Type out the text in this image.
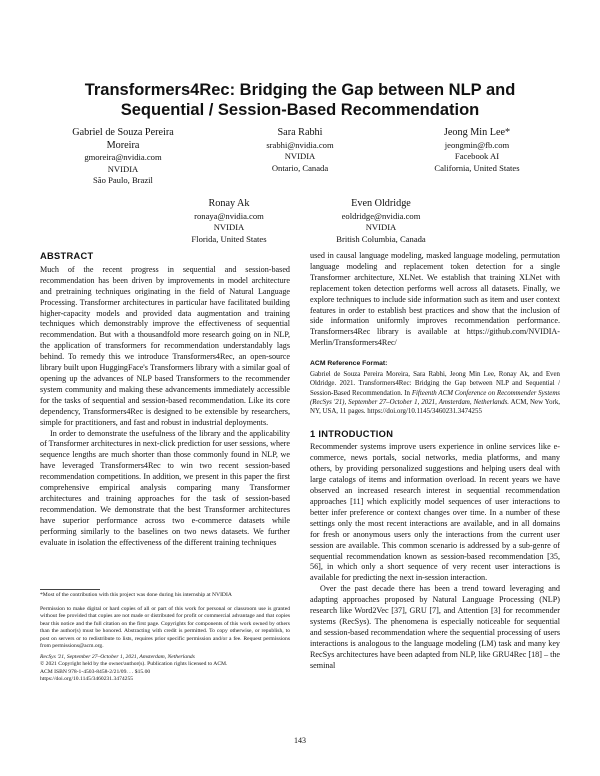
Transformers4Rec: Bridging the Gap between NLP and
Sequential / Session-Based Recommendation
Gabriel de Souza Pereira
Moreira
gmoreira@nvidia.com
NVIDIA
São Paulo, Brazil
Sara Rabhi
srabhi@nvidia.com
NVIDIA
Ontario, Canada
Jeong Min Lee*
jeongmin@fb.com
Facebook AI
California, United States
Ronay Ak
ronaya@nvidia.com
NVIDIA
Florida, United States
Even Oldridge
eoldridge@nvidia.com
NVIDIA
British Columbia, Canada
ABSTRACT

Much of the recent progress in sequential and session-based recommendation has been driven by improvements in model architecture and pretraining techniques originating in the field of Natural Language Processing. Transformer architectures in particular have facilitated building higher-capacity models and provided data augmentation and training techniques which demonstrably improve the effectiveness of sequential recommendation. But with a thousandfold more research going on in NLP, the application of transformers for recommendation understandably lags behind. To remedy this we introduce Transformers4Rec, an open-source library built upon HuggingFace's Transformers library with a similar goal of opening up the advances of NLP based Transformers to the recommender system community and making these advancements immediately accessible for the tasks of sequential and session-based recommendation. Like its core dependency, Transformers4Rec is designed to be extensible by researchers, simple for practitioners, and fast and robust in industrial deployments.

In order to demonstrate the usefulness of the library and the applicability of Transformer architectures in next-click prediction for user sessions, where sequence lengths are much shorter than those commonly found in NLP, we have leveraged Transformers4Rec to win two recent session-based recommendation competitions. In addition, we present in this paper the first comprehensive empirical analysis comparing many Transformer architectures and training approaches for the task of session-based recommendation. We demonstrate that the best Transformer architectures have superior performance across two e-commerce datasets while performing similarly to the baselines on two news datasets. We further evaluate in isolation the effectiveness of the different training techniques

*Most of the contribution with this project was done during his internship at NVIDIA

Permission to make digital or hard copies of all or part of this work for personal or classroom use is granted without fee provided that copies are not made or distributed for profit or commercial advantage and that copies bear this notice and the full citation on the first page. Copyrights for components of this work owned by others than the author(s) must be honored. Abstracting with credit is permitted. To copy otherwise, or republish, to post on servers or to redistribute to lists, requires prior specific permission and/or a fee. Request permissions from permissions@acm.org.

RecSys '21, September 27–October 1, 2021, Amsterdam, Netherlands

© 2021 Copyright held by the owner/author(s). Publication rights licensed to ACM.

ACM ISBN 978-1-4503-8458-2/21/09. . . $15.00

https://doi.org/10.1145/3460231.3474255

used in causal language modeling, masked language modeling, permutation language modeling and replacement token detection for a single Transformer architecture, XLNet. We establish that training XLNet with replacement token detection performs well across all datasets. Finally, we explore techniques to include side information such as item and user context features in order to establish best practices and show that the inclusion of side information uniformly improves recommendation performance. Transformers4Rec library is available at https://github.com/NVIDIA-Merlin/Transformers4Rec/

ACM Reference Format:

Gabriel de Souza Pereira Moreira, Sara Rabhi, Jeong Min Lee, Ronay Ak, and Even Oldridge. 2021. Transformers4Rec: Bridging the Gap between NLP and Sequential / Session-Based Recommendation. In Fifteenth ACM Conference on Recommender Systems (RecSys '21), September 27–October 1, 2021, Amsterdam, Netherlands. ACM, New York, NY, USA, 11 pages. https://doi.org/10.1145/3460231.3474255

1 INTRODUCTION

Recommender systems improve users experience in online services like e-commerce, news portals, social networks, media platforms, and many others, by providing personalized suggestions and helping users deal with large catalogs of items and information overload. In recent years we have observed an increased research interest in sequential recommendation approaches [11] which explicitly model sequences of user interactions to better infer preference or context changes over time. In a number of these settings only the most recent interactions are available, and in all domains for fresh or anonymous users only the interactions from the current user session are available. This common scenario is addressed by a sub-genre of sequential recommendation known as session-based recommendation [35, 56], in which only a short sequence of very recent user interactions is available for predicting the next in-session interaction.

Over the past decade there has been a trend toward leveraging and adapting approaches proposed by Natural Language Processing (NLP) research like Word2Vec [37], GRU [7], and Attention [3] for recommender systems (RecSys). The phenomena is especially noticeable for sequential and session-based recommendation where the sequential processing of users interactions is analogous to the language modeling (LM) task and many key RecSys architectures have been adapted from NLP, like GRU4Rec [18] – the seminal

143
